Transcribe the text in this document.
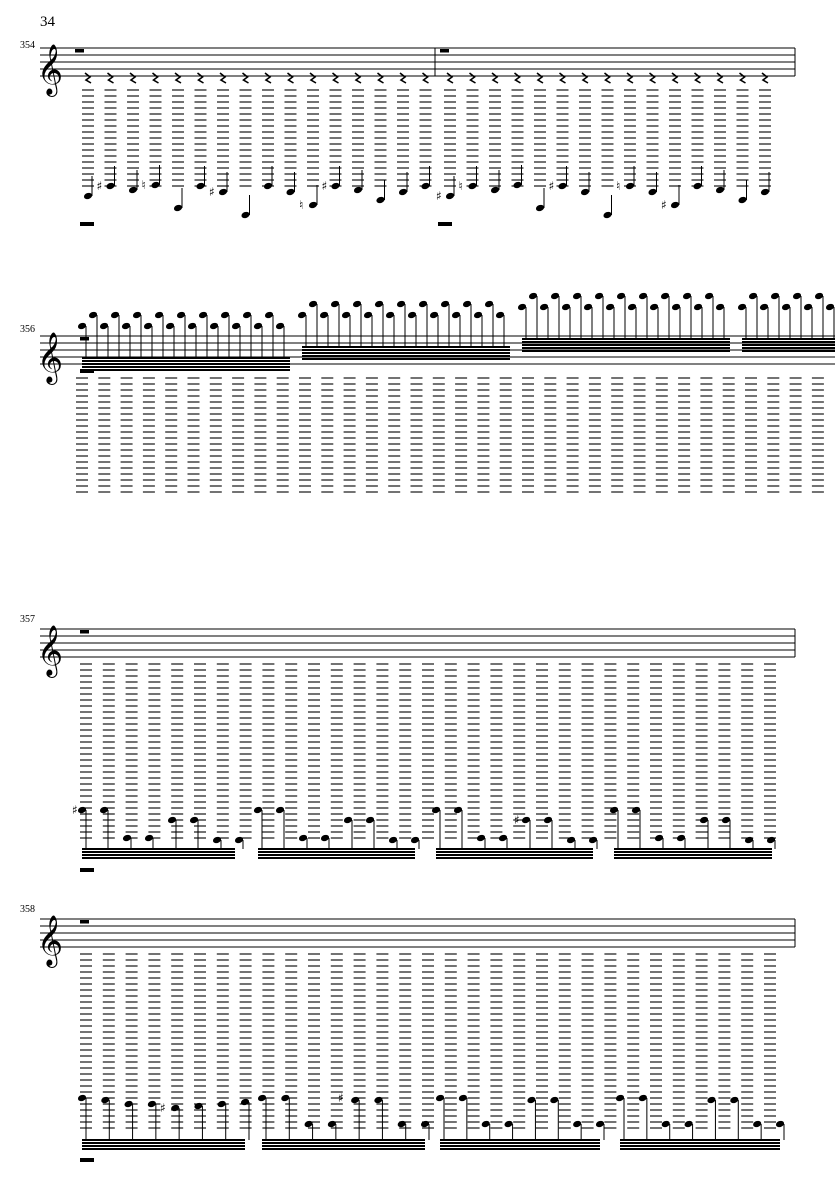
34
354
356
357
358
𝄞
♯	♮	♯
♮
♯
♯
♮	♯	♮
♯
𝄞
𝄞
♯
♯
𝄞
♯
♯
